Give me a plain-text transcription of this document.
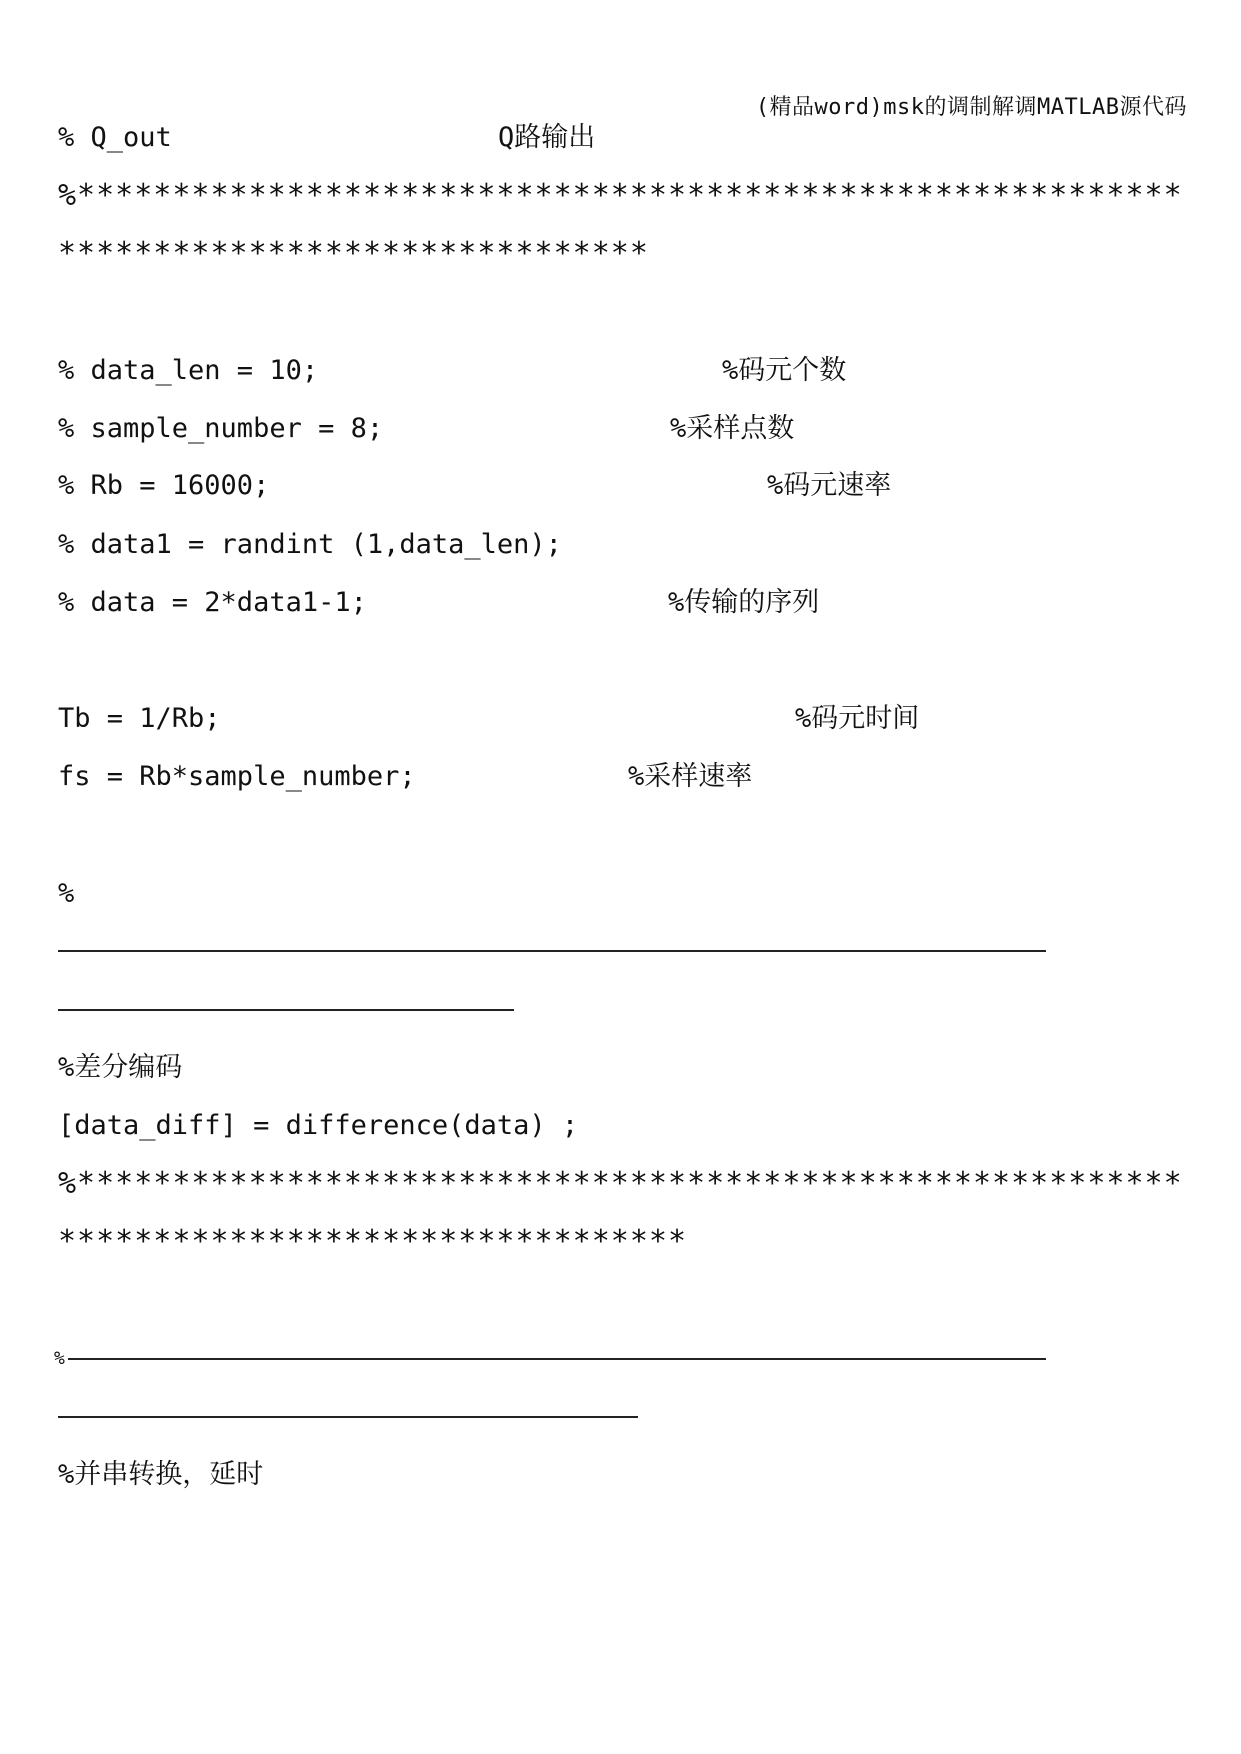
(精品word)msk的调制解调MATLAB源代码
% Q_out	Q路输出
%**********************************************************
*******************************
% data_len = 10;	%码元个数
% sample_number = 8;	%采样点数
% Rb = 16000;	%码元速率
% data1 = randint (1,data_len);
% data = 2*data1-1;	%传输的序列
Tb = 1/Rb;	%码元时间
fs = Rb*sample_number;	%采样速率
%
%差分编码
[data_diff] = difference(data) ;
%**********************************************************
*********************************
%
%并串转换，延时
